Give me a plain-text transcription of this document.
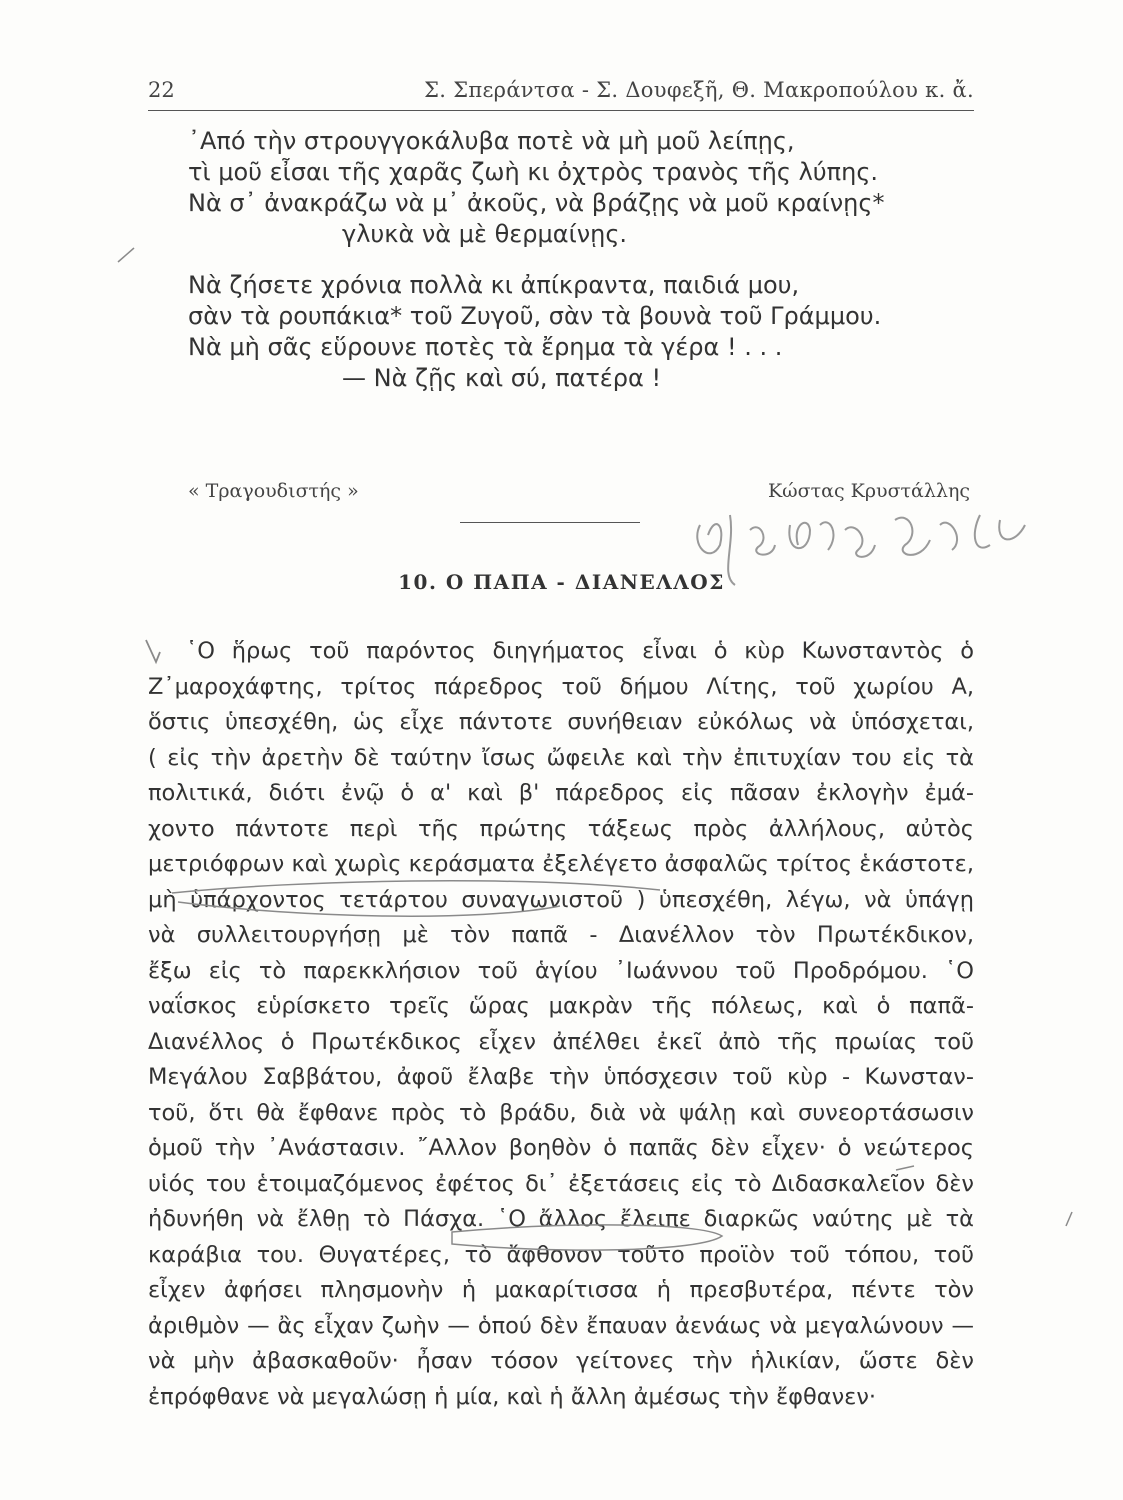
22	Σ. Σπεράντσα - Σ. Δουφεξῆ, Θ. Μακροπούλου κ. ἄ.
᾿Από τὴν στρουγγοκάλυβα ποτὲ νὰ μὴ μοῦ λείπῃς,
τὶ μοῦ εἶσαι τῆς χαρᾶς ζωὴ κι ὀχτρὸς τρανὸς τῆς λύπης.
Νὰ σ᾿ ἀνακράζω νὰ μ᾿ ἀκοῦς, νὰ βράζῃς νὰ μοῦ κραίνῃς*
γλυκὰ νὰ μὲ θερμαίνῃς.
Νὰ ζήσετε χρόνια πολλὰ κι ἀπίκραντα, παιδιά μου,
σὰν τὰ ρουπάκια* τοῦ Ζυγοῦ, σὰν τὰ βουνὰ τοῦ Γράμμου.
Νὰ μὴ σᾶς εὕρουνε ποτὲς τὰ ἔρημα τὰ γέρα ! . . .
— Νὰ ζῇς καὶ σύ, πατέρα !
« Τραγουδιστής »	Κώστας Κρυστάλλης
10. Ο ΠΑΠΑ - ΔΙΑΝΕΛΛΟΣ
῾Ο ἥρως τοῦ παρόντος διηγήματος εἶναι ὁ κὺρ Κωνσταντὸς ὁ
Ζ᾿μαροχάφτης, τρίτος πάρεδρος τοῦ δήμου Λίτης, τοῦ χωρίου Α,
ὅστις ὑπεσχέθη, ὡς εἶχε πάντοτε συνήθειαν εὐκόλως νὰ ὑπόσχεται,
( εἰς τὴν ἀρετὴν δὲ ταύτην ἴσως ὤφειλε καὶ τὴν ἐπιτυχίαν του εἰς τὰ
πολιτικά, διότι ἐνῷ ὁ α' καὶ β' πάρεδρος εἰς πᾶσαν ἐκλογὴν ἐμά-
χοντο πάντοτε περὶ τῆς πρώτης τάξεως πρὸς ἀλλήλους, αὐτὸς
μετριόφρων καὶ χωρὶς κεράσματα ἐξελέγετο ἀσφαλῶς τρίτος ἑκάστοτε,
μὴ ὑπάρχοντος τετάρτου συναγωνιστοῦ ) ὑπεσχέθη, λέγω, νὰ ὑπάγῃ
νὰ συλλειτουργήσῃ μὲ τὸν παπᾶ - Διανέλλον τὸν Πρωτέκδικον,
ἔξω εἰς τὸ παρεκκλήσιον τοῦ ἁγίου ᾿Ιωάννου τοῦ Προδρόμου. ῾Ο
ναΐσκος εὑρίσκετο τρεῖς ὥρας μακρὰν τῆς πόλεως, καὶ ὁ παπᾶ-
Διανέλλος ὁ Πρωτέκδικος εἶχεν ἀπέλθει ἐκεῖ ἀπὸ τῆς πρωίας τοῦ
Μεγάλου Σαββάτου, ἀφοῦ ἔλαβε τὴν ὑπόσχεσιν τοῦ κὺρ - Κωνσταν-
τοῦ, ὅτι θὰ ἔφθανε πρὸς τὸ βράδυ, διὰ νὰ ψάλῃ καὶ συνεορτάσωσιν
ὁμοῦ τὴν ᾿Ανάστασιν. ῎Αλλον βοηθὸν ὁ παπᾶς δὲν εἶχεν· ὁ νεώτερος
υἱός του ἑτοιμαζόμενος ἐφέτος δι᾿ ἐξετάσεις εἰς τὸ Διδασκαλεῖον δὲν
ἠδυνήθη νὰ ἔλθῃ τὸ Πάσχα. ῾Ο ἄλλος ἔλειπε διαρκῶς ναύτης μὲ τὰ
καράβια του. Θυγατέρες, τὸ ἄφθονον τοῦτο προϊὸν τοῦ τόπου, τοῦ
εἶχεν ἀφήσει πλησμονὴν ἡ μακαρίτισσα ἡ πρεσβυτέρα, πέντε τὸν
ἀριθμὸν — ἂς εἶχαν ζωὴν — ὁπού δὲν ἔπαυαν ἀενάως νὰ μεγαλώνουν —
νὰ μὴν ἀβασκαθοῦν· ἦσαν τόσον γείτονες τὴν ἡλικίαν, ὥστε δὲν
ἐπρόφθανε νὰ μεγαλώσῃ ἡ μία, καὶ ἡ ἄλλη ἀμέσως τὴν ἔφθανεν·
